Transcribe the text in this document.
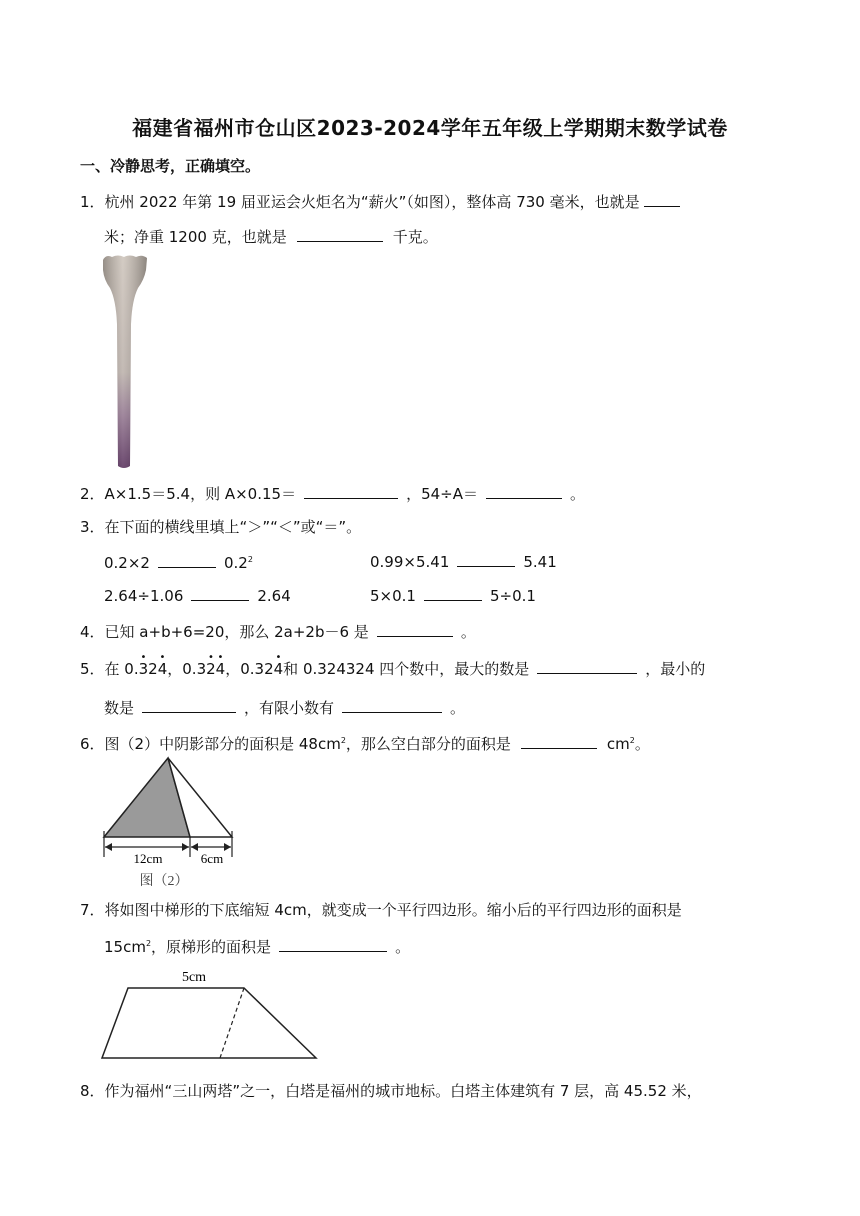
福建省福州市仓山区2023-2024学年五年级上学期期末数学试卷
一、冷静思考，正确填空。
1．杭州 2022 年第 19 届亚运会火炬名为“薪火”（如图），整体高 730 毫米，也就是
米；净重 1200 克，也就是	千克。
2．A×1.5＝5.4，则 A×0.15＝	，54÷A＝	。
3．在下面的横线里填上“＞”“＜”或“＝”。
0.2×2	$0.2^2$	0.99×5.41	5.41
2.64÷1.06	2.64	5×0.1	5÷0.1
4．已知 a+b+6=20，那么 2a+2b－6 是	。
5．在 0.
•
32
•
4，0.3
•
2
•
4，0.32
•
4和 0.324324 四个数中，最大的数是	，最小的
数是	，有限小数有	。
6．图（2）中阴影部分的面积是 $48cm^2$，那么空白部分的面积是	$cm^2$。
12cm	6cm
图（2）
7．将如图中梯形的下底缩短 4cm，就变成一个平行四边形。缩小后的平行四边形的面积是
$15cm^2$，原梯形的面积是	。
5cm
8．作为福州“三山两塔”之一，白塔是福州的城市地标。白塔主体建筑有 7 层，高 45.52 米，
